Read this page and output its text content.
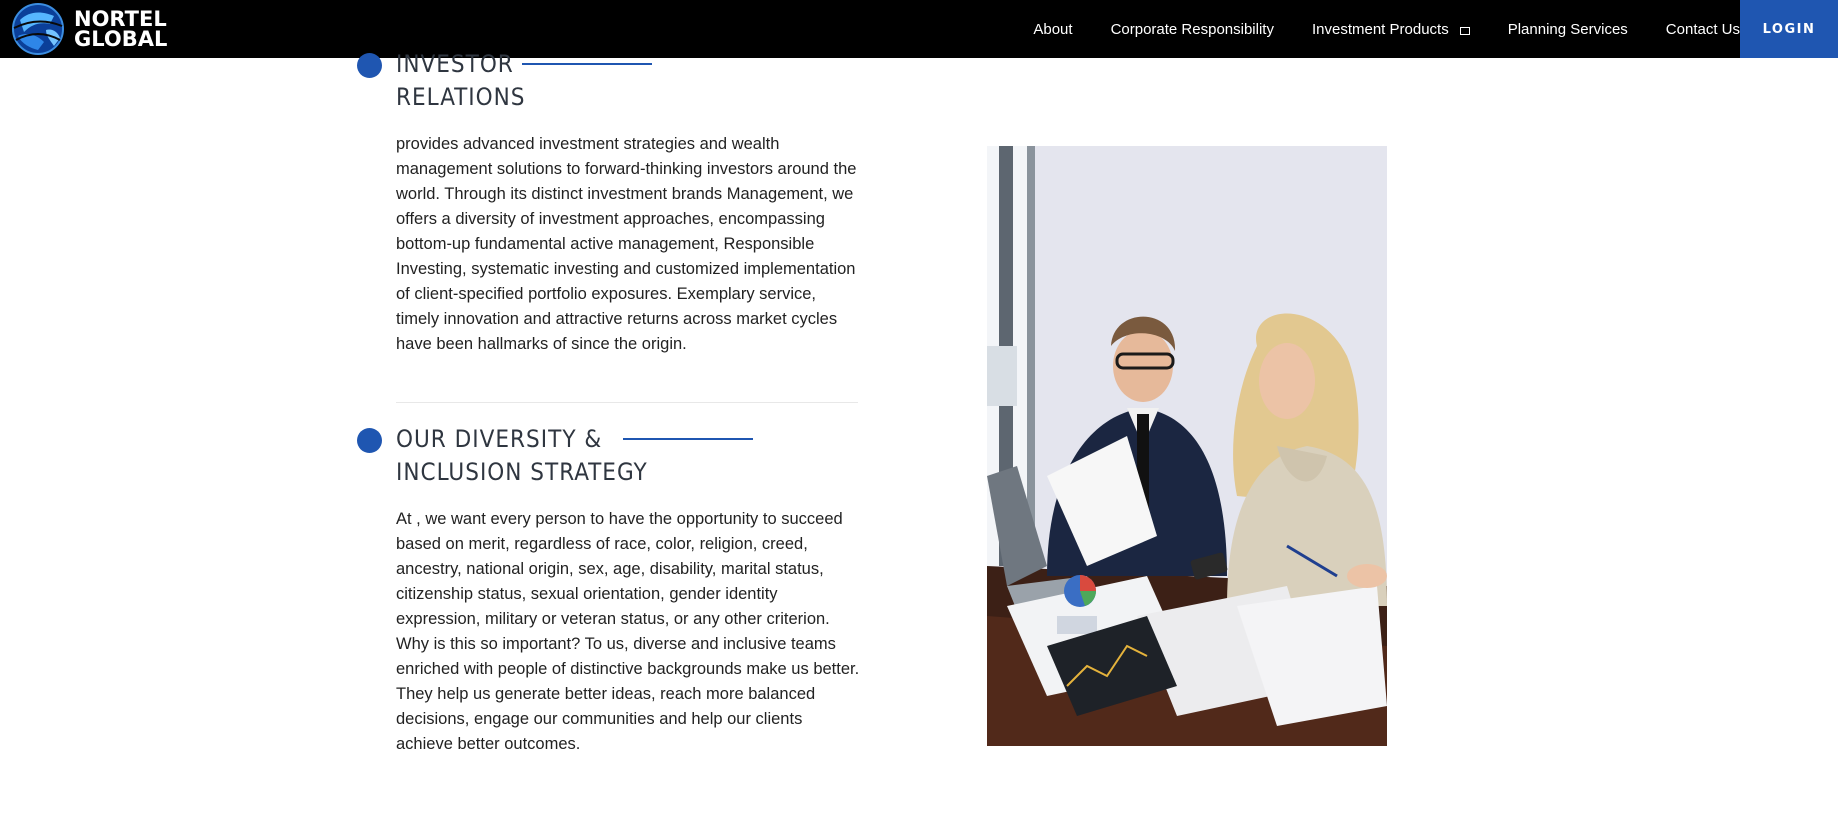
NORTEL
GLOBAL	About	Corporate Responsibility	Investment Products	Planning Services	Contact Us	LOGIN
INVESTOR
RELATIONS

provides advanced investment strategies and wealth management solutions to forward-thinking investors around the world. Through its distinct investment brands Management, we offers a diversity of investment approaches, encompassing bottom-up fundamental active management, Responsible Investing, systematic investing and customized implementation of client-specified portfolio exposures. Exemplary service, timely innovation and attractive returns across market cycles have been hallmarks of since the origin.

OUR DIVERSITY &
INCLUSION STRATEGY

At , we want every person to have the opportunity to succeed based on merit, regardless of race, color, religion, creed, ancestry, national origin, sex, age, disability, marital status, citizenship status, sexual orientation, gender identity expression, military or veteran status, or any other criterion. Why is this so important? To us, diverse and inclusive teams enriched with people of distinctive backgrounds make us better. They help us generate better ideas, reach more balanced decisions, engage our communities and help our clients achieve better outcomes.
